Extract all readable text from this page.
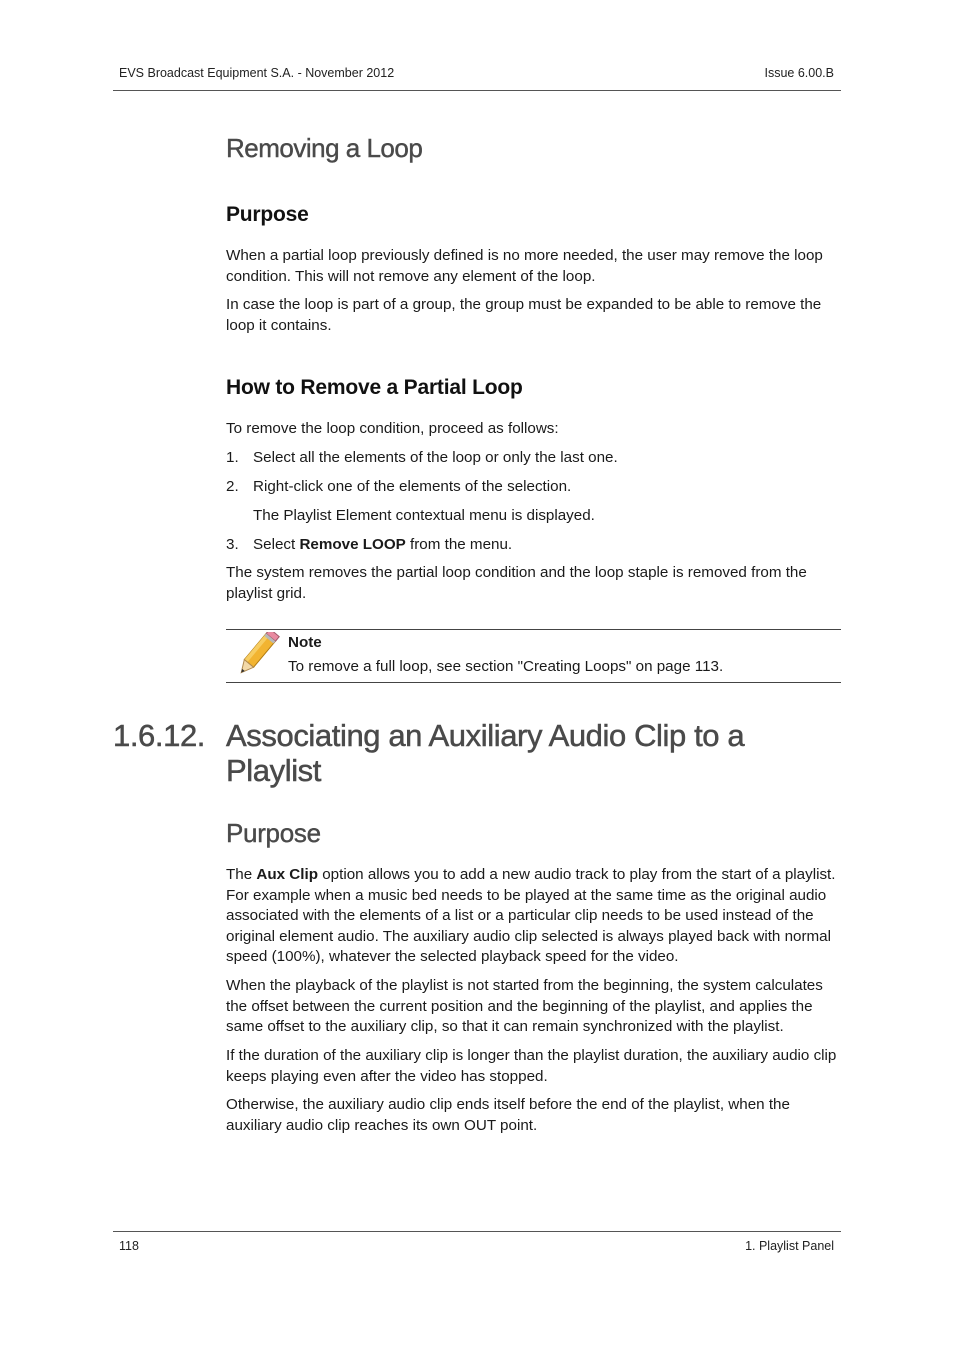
EVS Broadcast Equipment S.A. - November 2012	Issue 6.00.B
Removing a Loop
Purpose

When a partial loop previously defined is no more needed, the user may remove the loop condition. This will not remove any element of the loop.

In case the loop is part of a group, the group must be expanded to be able to remove the loop it contains.

How to Remove a Partial Loop

To remove the loop condition, proceed as follows:

1. Select all the elements of the loop or only the last one.
2. Right-click one of the elements of the selection.

The Playlist Element contextual menu is displayed.

3. Select Remove LOOP from the menu.

The system removes the partial loop condition and the loop staple is removed from the playlist grid.

Note
To remove a full loop, see section "Creating Loops" on page 113.
1.6.12. Associating an Auxiliary Audio Clip to a Playlist
Purpose

The Aux Clip option allows you to add a new audio track to play from the start of a playlist. For example when a music bed needs to be played at the same time as the original audio associated with the elements of a list or a particular clip needs to be used instead of the original element audio. The auxiliary audio clip selected is always played back with normal speed (100%), whatever the selected playback speed for the video.

When the playback of the playlist is not started from the beginning, the system calculates the offset between the current position and the beginning of the playlist, and applies the same offset to the auxiliary clip, so that it can remain synchronized with the playlist.

If the duration of the auxiliary clip is longer than the playlist duration, the auxiliary audio clip keeps playing even after the video has stopped.

Otherwise, the auxiliary audio clip ends itself before the end of the playlist, when the auxiliary audio clip reaches its own OUT point.

118	1. Playlist Panel
